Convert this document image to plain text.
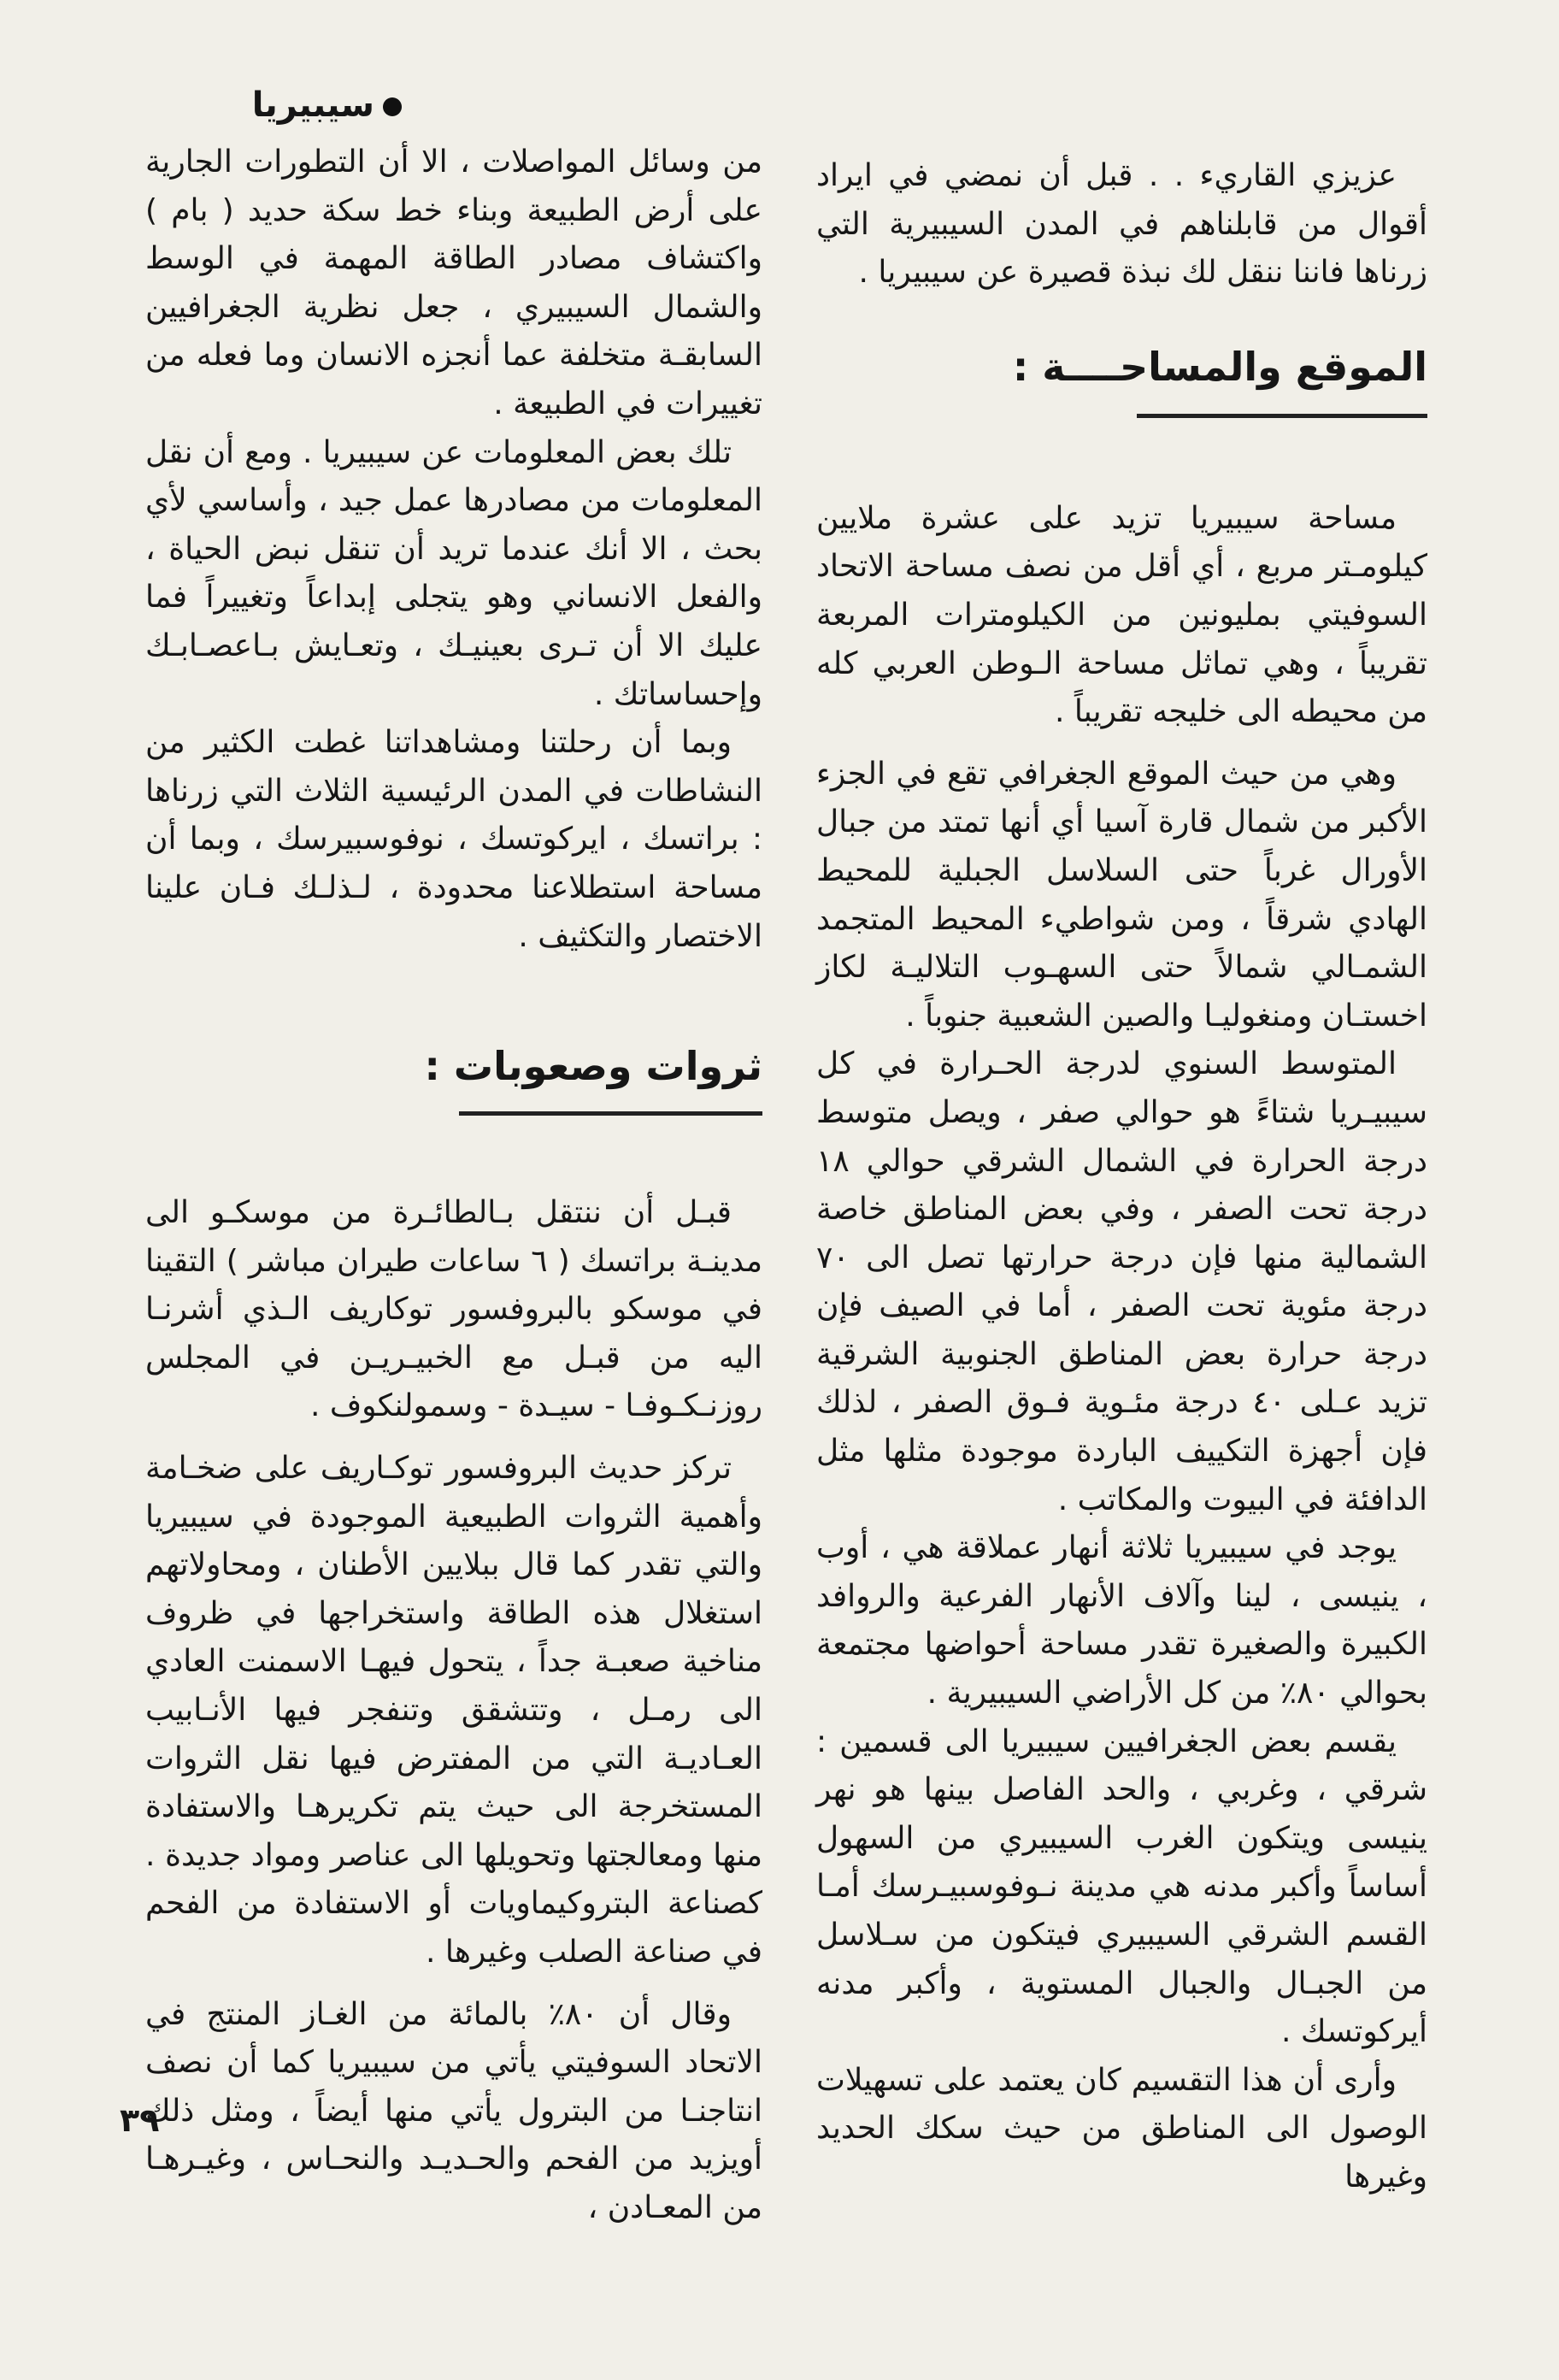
سيبيريا

عزيزي القاريء . . قبل أن نمضي في ايراد أقوال من قابلناهم في المدن السيبيرية التي زرناها فاننا ننقل لك نبذة قصيرة عن سيبيريا .

الموقع والمساحــــة :

مساحة سيبيريا تزيد على عشرة ملايين كيلومـتر مربع ، أي أقل من نصف مساحة الاتحاد السوفيتي بمليونين من الكيلومترات المربعة تقريباً ، وهي تماثل مساحة الـوطن العربي كله من محيطه الى خليجه تقريباً .

وهي من حيث الموقع الجغرافي تقع في الجزء الأكبر من شمال قارة آسيا أي أنها تمتد من جبال الأورال غرباً حتى السلاسل الجبلية للمحيط الهادي شرقاً ، ومن شواطيء المحيط المتجمد الشمـالي شمالاً حتى السهـوب التلاليـة لكاز اخستـان ومنغوليـا والصين الشعبية جنوباً .

المتوسط السنوي لدرجة الحـرارة في كل سيبيـريا شتاءً هو حوالي صفر ، ويصل متوسط درجة الحرارة في الشمال الشرقي حوالي ١٨ درجة تحت الصفر ، وفي بعض المناطق خاصة الشمالية منها فإن درجة حرارتها تصل الى ٧٠ درجة مئوية تحت الصفر ، أما في الصيف فإن درجة حرارة بعض المناطق الجنوبية الشرقية تزيد عـلى ٤٠ درجة مئـوية فـوق الصفر ، لذلك فإن أجهزة التكييف الباردة موجودة مثلها مثل الدافئة في البيوت والمكاتب .

يوجد في سيبيريا ثلاثة أنهار عملاقة هي ، أوب ، ينيسى ، لينا وآلاف الأنهار الفرعية والروافد الكبيرة والصغيرة تقدر مساحة أحواضها مجتمعة بحوالي ٨٠٪ من كل الأراضي السيبيرية .

يقسم بعض الجغرافيين سيبيريا الى قسمين : شرقي ، وغربي ، والحد الفاصل بينها هو نهر ينيسى ويتكون الغرب السيبيري من السهول أساساً وأكبر مدنه هي مدينة نـوفوسبيـرسك أمـا القسم الشرقي السيبيري فيتكون من سـلاسل من الجبـال والجبال المستوية ، وأكبر مدنه أيركوتسك .

وأرى أن هذا التقسيم كان يعتمد على تسهيلات الوصول الى المناطق من حيث سكك الحديد وغيرها

من وسائل المواصلات ، الا أن التطورات الجارية على أرض الطبيعة وبناء خط سكة حديد ( بام ) واكتشاف مصادر الطاقة المهمة في الوسط والشمال السيبيري ، جعل نظرية الجغرافيين السابقـة متخلفة عما أنجزه الانسان وما فعله من تغييرات في الطبيعة .

تلك بعض المعلومات عن سيبيريا . ومع أن نقل المعلومات من مصادرها عمل جيد ، وأساسي لأي بحث ، الا أنك عندما تريد أن تنقل نبض الحياة ، والفعل الانساني وهو يتجلى إبداعاً وتغييراً فما عليك الا أن تـرى بعينيـك ، وتعـايش بـاعصـابـك وإحساساتك .

وبما أن رحلتنا ومشاهداتنا غطت الكثير من النشاطات في المدن الرئيسية الثلاث التي زرناها : براتسك ، ايركوتسك ، نوفوسبيرسك ، وبما أن مساحة استطلاعنا محدودة ، لـذلـك فـان علينا الاختصار والتكثيف .

ثروات وصعوبات :

قبـل أن ننتقل بـالطائـرة من موسكـو الى مدينـة براتسك ( ٦ ساعات طيران مباشر ) التقينا في موسكو بالبروفسور توكاريف الـذي أشرنـا اليه من قبـل مع الخبيـريـن في المجلس روزنـكـوفـا - سيـدة - وسمولنكوف .

تركز حديث البروفسور توكـاريف على ضخـامة وأهمية الثروات الطبيعية الموجودة في سيبيريا والتي تقدر كما قال ببلايين الأطنان ، ومحاولاتهم استغلال هذه الطاقة واستخراجها في ظروف مناخية صعبـة جداً ، يتحول فيهـا الاسمنت العادي الى رمـل ، وتتشقق وتنفجر فيها الأنـابيب العـاديـة التي من المفترض فيها نقل الثروات المستخرجة الى حيث يتم تكريرهـا والاستفادة منها ومعالجتها وتحويلها الى عناصر ومواد جديدة . كصناعة البتروكيماويات أو الاستفادة من الفحم في صناعة الصلب وغيرها .

وقال أن ٨٠٪ بالمائة من الغـاز المنتج في الاتحاد السوفيتي يأتي من سيبيريا كما أن نصف انتاجنـا من البترول يأتي منها أيضاً ، ومثل ذلك أويزيد من الفحم والحـديـد والنحـاس ، وغيـرهـا من المعـادن ،

٣٩
